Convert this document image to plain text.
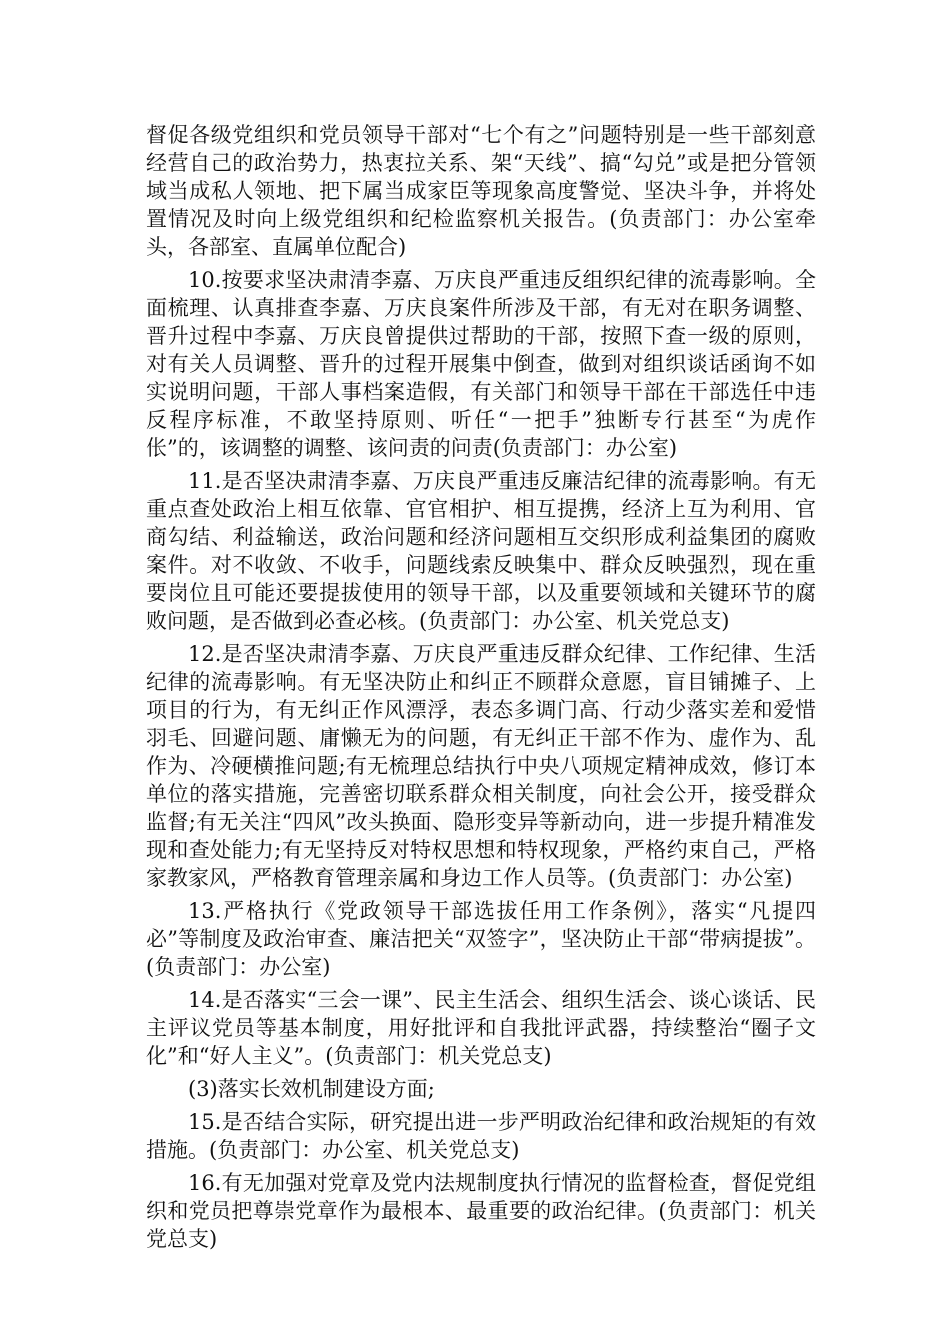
督促各级党组织和党员领导干部对“七个有之”问题特别是一些干部刻意经营自己的政治势力，热衷拉关系、架“天线”、搞“勾兑”或是把分管领域当成私人领地、把下属当成家臣等现象高度警觉、坚决斗争，并将处置情况及时向上级党组织和纪检监察机关报告。(负责部门：办公室牵头，各部室、直属单位配合)

10.按要求坚决肃清李嘉、万庆良严重违反组织纪律的流毒影响。全面梳理、认真排查李嘉、万庆良案件所涉及干部，有无对在职务调整、晋升过程中李嘉、万庆良曾提供过帮助的干部，按照下查一级的原则，对有关人员调整、晋升的过程开展集中倒查，做到对组织谈话函询不如实说明问题，干部人事档案造假，有关部门和领导干部在干部选任中违反程序标准，不敢坚持原则、听任“一把手”独断专行甚至“为虎作伥”的，该调整的调整、该问责的问责(负责部门：办公室)

11.是否坚决肃清李嘉、万庆良严重违反廉洁纪律的流毒影响。有无重点查处政治上相互依靠、官官相护、相互提携，经济上互为利用、官商勾结、利益输送，政治问题和经济问题相互交织形成利益集团的腐败案件。对不收敛、不收手，问题线索反映集中、群众反映强烈，现在重要岗位且可能还要提拔使用的领导干部，以及重要领域和关键环节的腐败问题，是否做到必查必核。(负责部门：办公室、机关党总支)

12.是否坚决肃清李嘉、万庆良严重违反群众纪律、工作纪律、生活纪律的流毒影响。有无坚决防止和纠正不顾群众意愿，盲目铺摊子、上项目的行为，有无纠正作风漂浮，表态多调门高、行动少落实差和爱惜羽毛、回避问题、庸懒无为的问题，有无纠正干部不作为、虚作为、乱作为、冷硬横推问题;有无梳理总结执行中央八项规定精神成效，修订本单位的落实措施，完善密切联系群众相关制度，向社会公开，接受群众监督;有无关注“四风”改头换面、隐形变异等新动向，进一步提升精准发现和查处能力;有无坚持反对特权思想和特权现象，严格约束自己，严格家教家风，严格教育管理亲属和身边工作人员等。(负责部门：办公室)

13.严格执行《党政领导干部选拔任用工作条例》，落实“凡提四必”等制度及政治审查、廉洁把关“双签字”，坚决防止干部“带病提拔”。(负责部门：办公室)

14.是否落实“三会一课”、民主生活会、组织生活会、谈心谈话、民主评议党员等基本制度，用好批评和自我批评武器，持续整治“圈子文化”和“好人主义”。(负责部门：机关党总支)

(3)落实长效机制建设方面;

15.是否结合实际，研究提出进一步严明政治纪律和政治规矩的有效措施。(负责部门：办公室、机关党总支)

16.有无加强对党章及党内法规制度执行情况的监督检查，督促党组织和党员把尊崇党章作为最根本、最重要的政治纪律。(负责部门：机关党总支)
